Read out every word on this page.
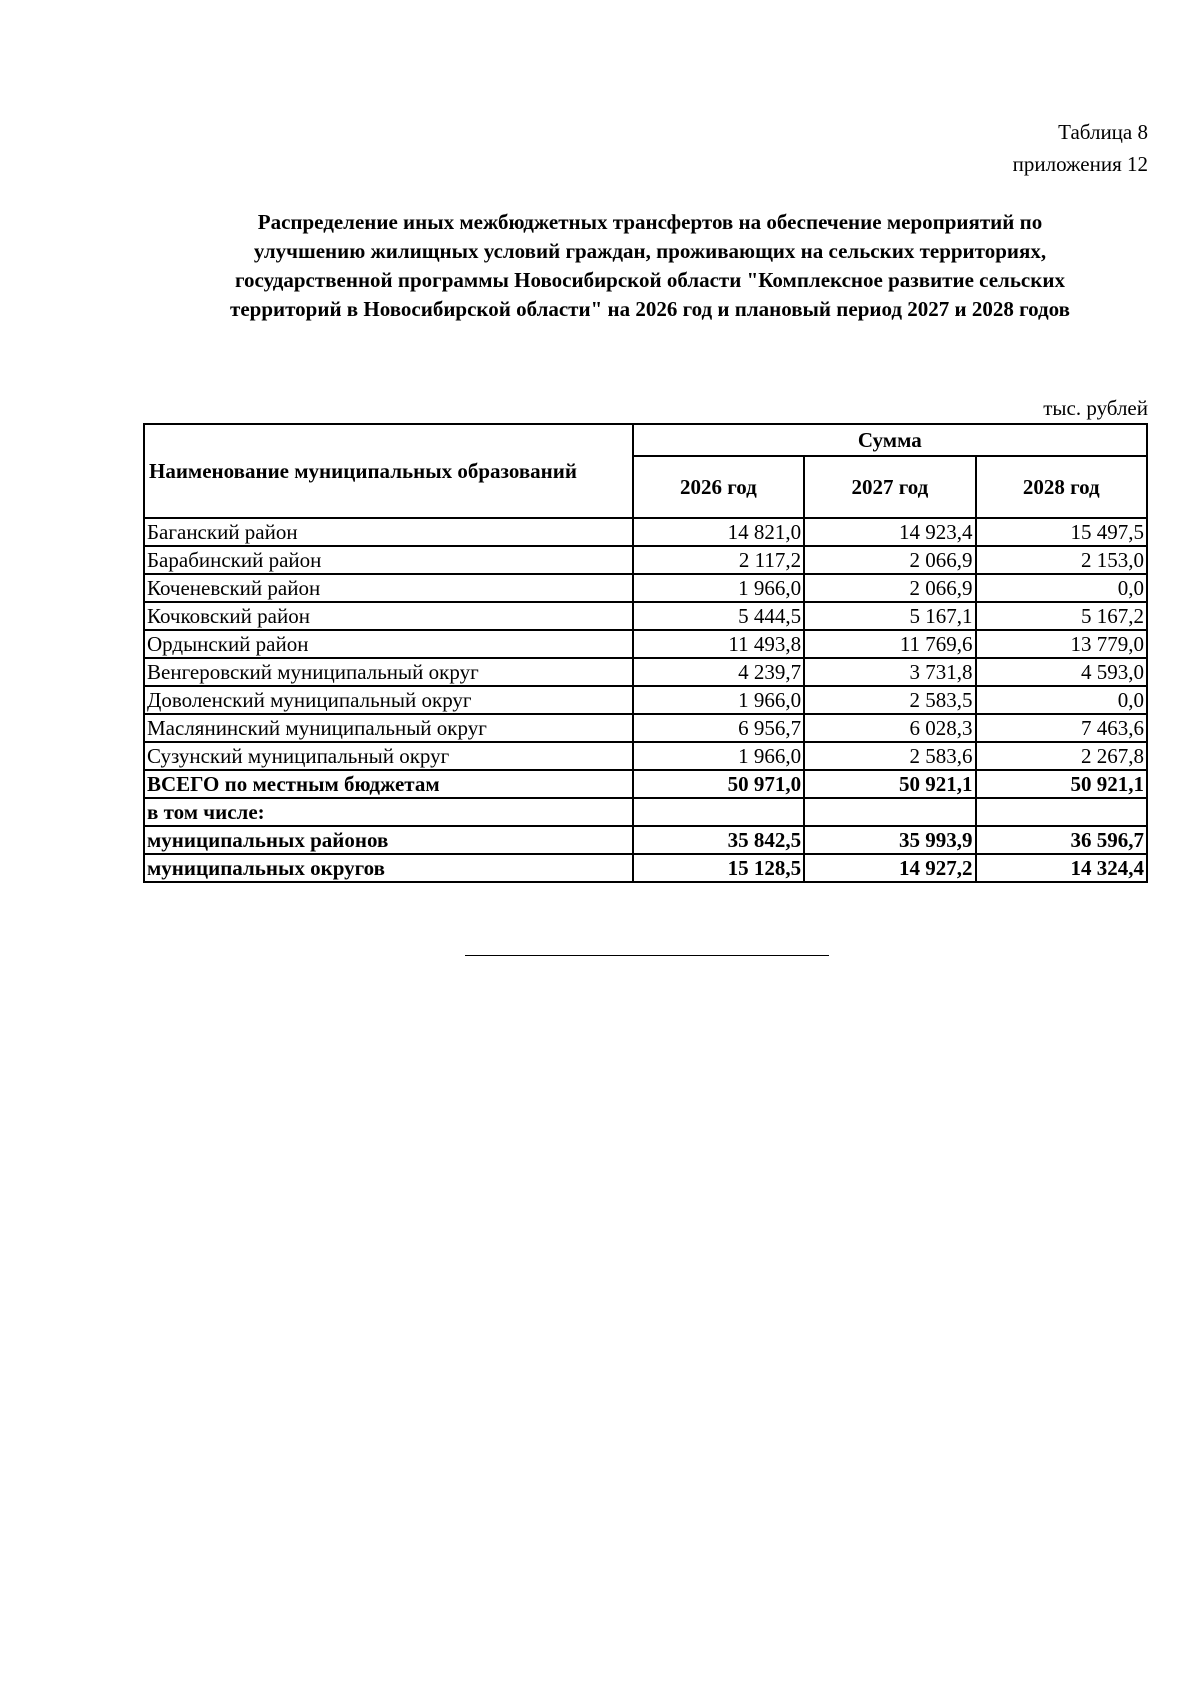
Таблица 8
приложения 12
Распределение иных межбюджетных трансфертов на обеспечение мероприятий по
улучшению жилищных условий граждан, проживающих на сельских территориях,
государственной программы Новосибирской области "Комплексное развитие сельских
территорий в Новосибирской области" на 2026 год и плановый период 2027 и 2028 годов
тыс. рублей
Наименование муниципальных образований	Сумма		
	2026 год	2027 год	2028 год
Баганский район	14 821,0	14 923,4	15 497,5
Барабинский район	2 117,2	2 066,9	2 153,0
Коченевский район	1 966,0	2 066,9	0,0
Кочковский район	5 444,5	5 167,1	5 167,2
Ордынский район	11 493,8	11 769,6	13 779,0
Венгеровский муниципальный округ	4 239,7	3 731,8	4 593,0
Доволенский муниципальный округ	1 966,0	2 583,5	0,0
Маслянинский муниципальный округ	6 956,7	6 028,3	7 463,6
Сузунский муниципальный округ	1 966,0	2 583,6	2 267,8
ВСЕГО по местным бюджетам	50 971,0	50 921,1	50 921,1
в том числе:			
муниципальных районов	35 842,5	35 993,9	36 596,7
муниципальных округов	15 128,5	14 927,2	14 324,4
